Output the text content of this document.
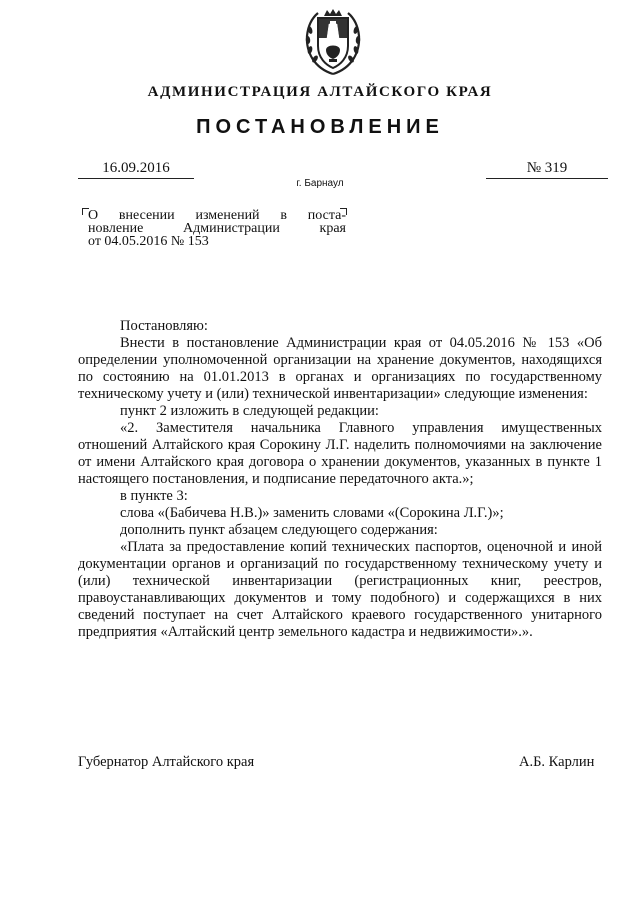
АДМИНИСТРАЦИЯ АЛТАЙСКОГО КРАЯ
ПОСТАНОВЛЕНИЕ
16.09.2016	№ 319
г. Барнаул
О внесении изменений в поста-
новление Администрации края
от 04.05.2016 № 153

Постановляю:

Внести в постановление Администрации края от 04.05.2016 № 153 «Об определении уполномоченной организации на хранение документов, находящихся по состоянию на 01.01.2013 в органах и организациях по государственному техническому учету и (или) технической инвентаризации» следующие изменения:

пункт 2 изложить в следующей редакции:

«2. Заместителя начальника Главного управления имущественных отношений Алтайского края Сорокину Л.Г. наделить полномочиями на заключение от имени Алтайского края договора о хранении документов, указанных в пункте 1 настоящего постановления, и подписание передаточного акта.»;

в пункте 3:

слова «(Бабичева Н.В.)» заменить словами «(Сорокина Л.Г.)»;

дополнить пункт абзацем следующего содержания:

«Плата за предоставление копий технических паспортов, оценочной и иной документации органов и организаций по государственному техническому учету и (или) технической инвентаризации (регистрационных книг, реестров, правоустанавливающих документов и тому подобного) и содержащихся в них сведений поступает на счет Алтайского краевого государственного унитарного предприятия «Алтайский центр земельного кадастра и недвижимости».».

Губернатор Алтайского края	А.Б. Карлин
